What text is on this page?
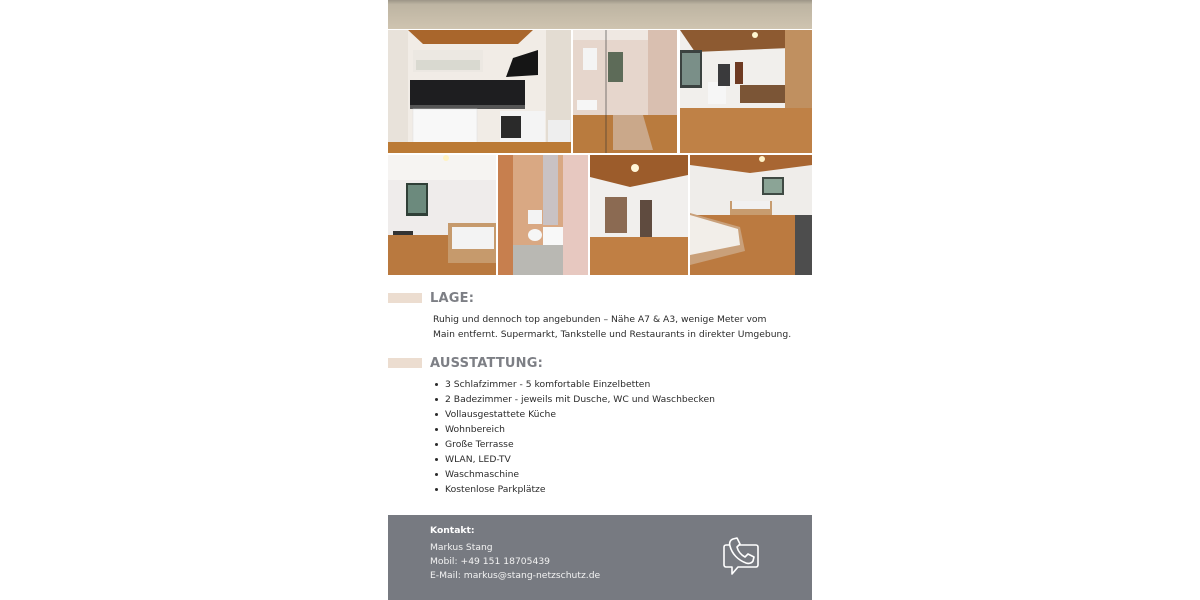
LAGE:
Ruhig und dennoch top angebunden – Nähe A7 & A3, wenige Meter vom
Main entfernt. Supermarkt, Tankstelle und Restaurants in direkter Umgebung.
AUSSTATTUNG:
3 Schlafzimmer - 5 komfortable Einzelbetten
2 Badezimmer - jeweils mit Dusche, WC und Waschbecken
Vollausgestattete Küche
Wohnbereich
Große Terrasse
WLAN, LED-TV
Waschmaschine
Kostenlose Parkplätze
Kontakt:
Markus Stang
Mobil: +49 151 18705439
E-Mail: markus@stang-netzschutz.de
